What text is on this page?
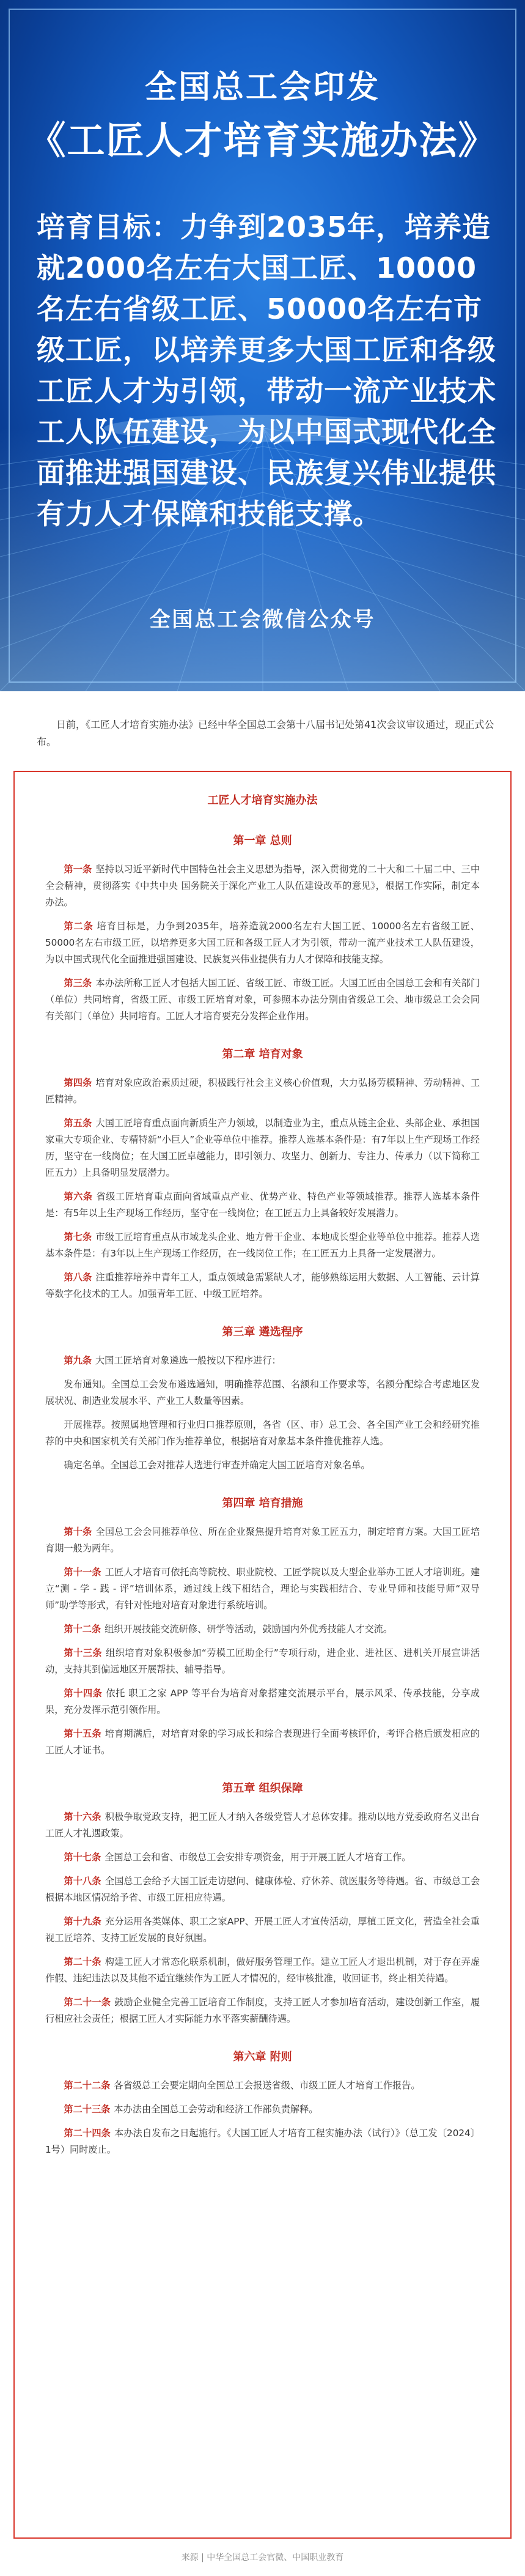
全国总工会印发
《工匠人才培育实施办法》
培育目标：力争到2035年，培养造就2000名左右大国工匠、10000名左右省级工匠、50000名左右市级工匠，以培养更多大国工匠和各级工匠人才为引领，带动一流产业技术工人队伍建设，为以中国式现代化全面推进强国建设、民族复兴伟业提供有力人才保障和技能支撑。
全国总工会微信公众号

日前，《工匠人才培育实施办法》已经中华全国总工会第十八届书记处第41次会议审议通过，现正式公布。

工匠人才培育实施办法
第一章 总则

第一条 坚持以习近平新时代中国特色社会主义思想为指导，深入贯彻党的二十大和二十届二中、三中全会精神，贯彻落实《中共中央 国务院关于深化产业工人队伍建设改革的意见》，根据工作实际，制定本办法。

第二条 培育目标是，力争到2035年，培养造就2000名左右大国工匠、10000名左右省级工匠、50000名左右市级工匠，以培养更多大国工匠和各级工匠人才为引领，带动一流产业技术工人队伍建设，为以中国式现代化全面推进强国建设、民族复兴伟业提供有力人才保障和技能支撑。

第三条 本办法所称工匠人才包括大国工匠、省级工匠、市级工匠。大国工匠由全国总工会和有关部门（单位）共同培育，省级工匠、市级工匠培育对象，可参照本办法分别由省级总工会、地市级总工会会同有关部门（单位）共同培育。工匠人才培育要充分发挥企业作用。

第二章 培育对象

第四条 培育对象应政治素质过硬，积极践行社会主义核心价值观，大力弘扬劳模精神、劳动精神、工匠精神。

第五条 大国工匠培育重点面向新质生产力领域，以制造业为主，重点从链主企业、头部企业、承担国家重大专项企业、专精特新“小巨人”企业等单位中推荐。推荐人选基本条件是：有7年以上生产现场工作经历，坚守在一线岗位；在大国工匠卓越能力，即引领力、攻坚力、创新力、专注力、传承力（以下简称工匠五力）上具备明显发展潜力。

第六条 省级工匠培育重点面向省域重点产业、优势产业、特色产业等领域推荐。推荐人选基本条件是：有5年以上生产现场工作经历，坚守在一线岗位；在工匠五力上具备较好发展潜力。

第七条 市级工匠培育重点从市域龙头企业、地方骨干企业、本地成长型企业等单位中推荐。推荐人选基本条件是：有3年以上生产现场工作经历，在一线岗位工作；在工匠五力上具备一定发展潜力。

第八条 注重推荐培养中青年工人，重点领域急需紧缺人才，能够熟练运用大数据、人工智能、云计算等数字化技术的工人。加强青年工匠、中级工匠培养。

第三章 遴选程序

第九条 大国工匠培育对象遴选一般按以下程序进行：

发布通知。全国总工会发布遴选通知，明确推荐范围、名额和工作要求等，名额分配综合考虑地区发展状况、制造业发展水平、产业工人数量等因素。

开展推荐。按照属地管理和行业归口推荐原则，各省（区、市）总工会、各全国产业工会和经研究推荐的中央和国家机关有关部门作为推荐单位，根据培育对象基本条件推优推荐人选。

确定名单。全国总工会对推荐人选进行审查并确定大国工匠培育对象名单。

第四章 培育措施

第十条 全国总工会会同推荐单位、所在企业聚焦提升培育对象工匠五力，制定培育方案。大国工匠培育期一般为两年。

第十一条 工匠人才培育可依托高等院校、职业院校、工匠学院以及大型企业举办工匠人才培训班。建立“测 - 学 - 践 - 评”培训体系，通过线上线下相结合，理论与实践相结合、专业导师和技能导师“双导师”助学等形式，有针对性地对培育对象进行系统培训。

第十二条 组织开展技能交流研修、研学等活动，鼓励国内外优秀技能人才交流。

第十三条 组织培育对象积极参加“劳模工匠助企行”专项行动，进企业、进社区、进机关开展宣讲活动，支持其到偏远地区开展帮扶、辅导指导。

第十四条 依托 职工之家 APP 等平台为培育对象搭建交流展示平台，展示风采、传承技能，分享成果，充分发挥示范引领作用。

第十五条 培育期满后，对培育对象的学习成长和综合表现进行全面考核评价，考评合格后颁发相应的工匠人才证书。

第五章 组织保障

第十六条 积极争取党政支持，把工匠人才纳入各级党管人才总体安排。推动以地方党委政府名义出台工匠人才礼遇政策。

第十七条 全国总工会和省、市级总工会安排专项资金，用于开展工匠人才培育工作。

第十八条 全国总工会给予大国工匠走访慰问、健康体检、疗休养、就医服务等待遇。省、市级总工会根据本地区情况给予省、市级工匠相应待遇。

第十九条 充分运用各类媒体、职工之家APP、开展工匠人才宣传活动，厚植工匠文化，营造全社会重视工匠培养、支持工匠发展的良好氛围。

第二十条 构建工匠人才常态化联系机制，做好服务管理工作。建立工匠人才退出机制，对于存在弄虚作假、违纪违法以及其他不适宜继续作为工匠人才情况的，经审核批准，收回证书，终止相关待遇。

第二十一条 鼓励企业健全完善工匠培育工作制度，支持工匠人才参加培育活动，建设创新工作室，履行相应社会责任；根据工匠人才实际能力水平落实薪酬待遇。

第六章 附则

第二十二条 各省级总工会要定期向全国总工会报送省级、市级工匠人才培育工作报告。

第二十三条 本办法由全国总工会劳动和经济工作部负责解释。

第二十四条 本办法自发布之日起施行。《大国工匠人才培育工程实施办法（试行）》（总工发〔2024〕1号）同时废止。

来源 | 中华全国总工会官微、中国职业教育
